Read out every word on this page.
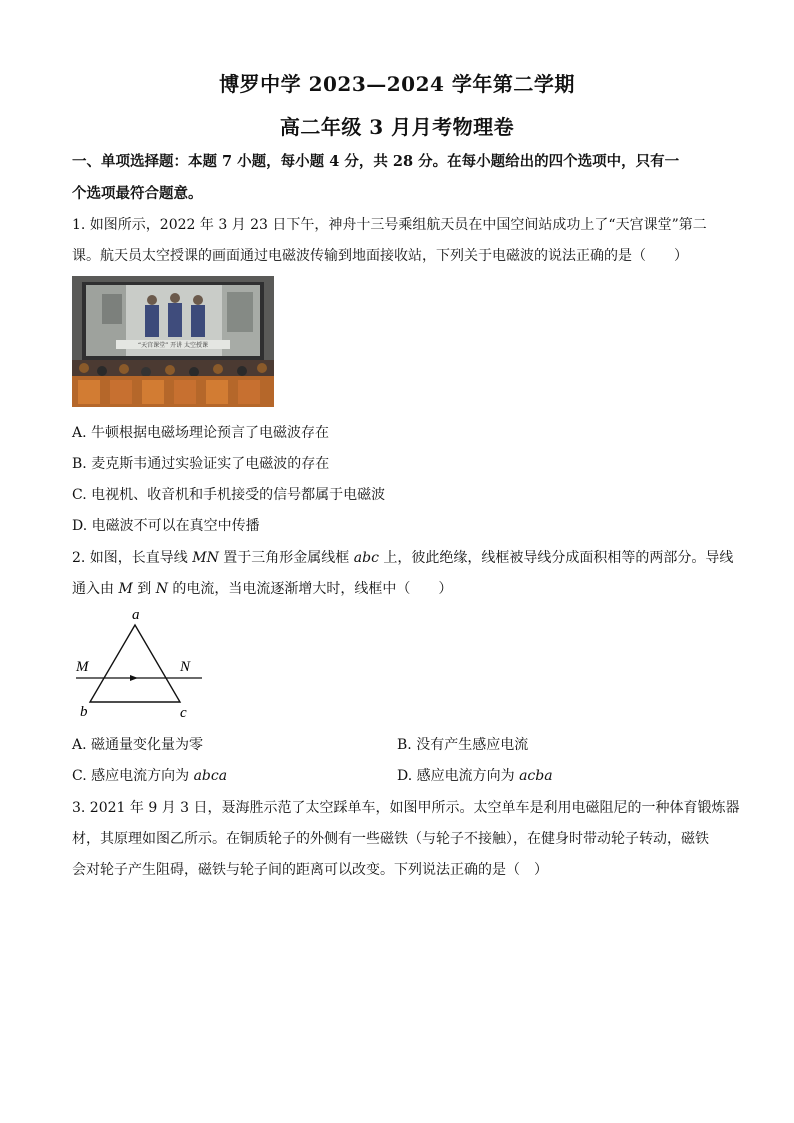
博罗中学 2023—2024 学年第二学期
高二年级 3 月月考物理卷
一、单项选择题：本题 7 小题，每小题 4 分，共 28 分。在每小题给出的四个选项中，只有一
个选项最符合题意。
1. 如图所示，2022 年 3 月 23 日下午，神舟十三号乘组航天员在中国空间站成功上了“天宫课堂”第二
课。航天员太空授课的画面通过电磁波传输到地面接收站，下列关于电磁波的说法正确的是（　　）
“天宫课堂” 开讲 太空授课
A. 牛顿根据电磁场理论预言了电磁波存在
B. 麦克斯韦通过实验证实了电磁波的存在
C. 电视机、收音机和手机接受的信号都属于电磁波
D. 电磁波不可以在真空中传播
2. 如图，长直导线 MN 置于三角形金属线框 abc 上，彼此绝缘，线框被导线分成面积相等的两部分。导线
通入由 M 到 N 的电流，当电流逐渐增大时，线框中（　　）
a
b	c
M	N
A. 磁通量变化量为零	B. 没有产生感应电流
C. 感应电流方向为 abca	D. 感应电流方向为 acba
3. 2021 年 9 月 3 日，聂海胜示范了太空踩单车，如图甲所示。太空单车是利用电磁阻尼的一种体育锻炼器
材，其原理如图乙所示。在铜质轮子的外侧有一些磁铁（与轮子不接触），在健身时带动轮子转动，磁铁
会对轮子产生阻碍，磁铁与轮子间的距离可以改变。下列说法正确的是（　）
